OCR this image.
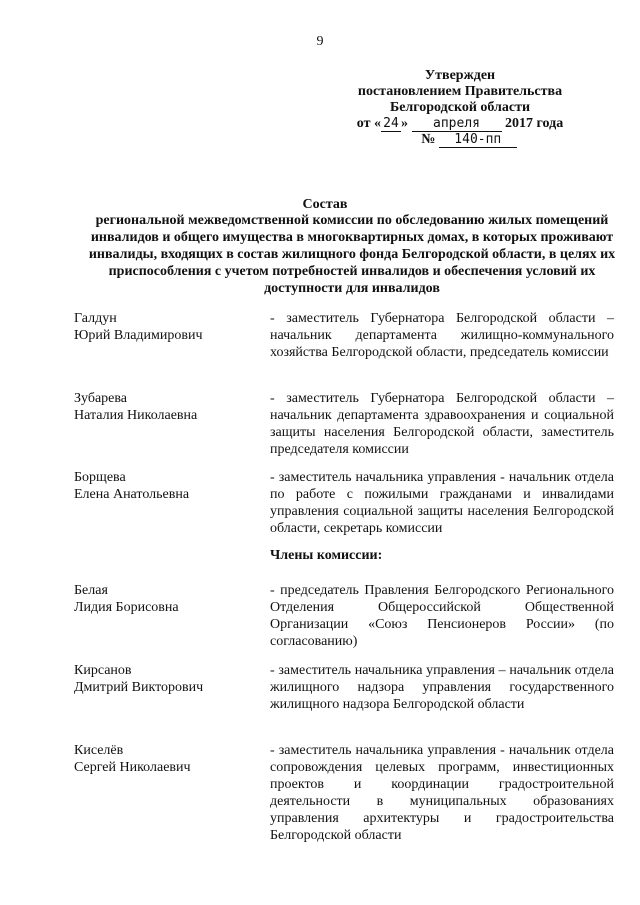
9
Утвержден
постановлением Правительства
Белгородской области
от « 24 » апреля 2017 года
№ 140-пп
Состав
региональной межведомственной комиссии по обследованию жилых помещений инвалидов и общего имущества в многоквартирных домах, в которых проживают инвалиды, входящих в состав жилищного фонда Белгородской области, в целях их приспособления с учетом потребностей инвалидов и обеспечения условий их доступности для инвалидов
Галдун
Юрий Владимирович
- заместитель Губернатора Белгородской области – начальник департамента жилищно-коммунального хозяйства Белгородской области, председатель комиссии
Зубарева
Наталия Николаевна
- заместитель Губернатора Белгородской области – начальник департамента здравоохранения и социальной защиты населения Белгородской области, заместитель председателя комиссии
Борщева
Елена Анатольевна
- заместитель начальника управления - начальник отдела по работе с пожилыми гражданами и инвалидами управления социальной защиты населения Белгородской области, секретарь комиссии
Члены комиссии:
Белая
Лидия Борисовна
- председатель Правления Белгородского Регионального Отделения Общероссийской Общественной Организации «Союз Пенсионеров России» (по согласованию)
Кирсанов
Дмитрий Викторович
- заместитель начальника управления – начальник отдела жилищного надзора управления государственного жилищного надзора Белгородской области
Киселёв
Сергей Николаевич
- заместитель начальника управления - начальник отдела сопровождения целевых программ, инвестиционных проектов и координации градостроительной деятельности в муниципальных образованиях управления архитектуры и градостроительства Белгородской области
